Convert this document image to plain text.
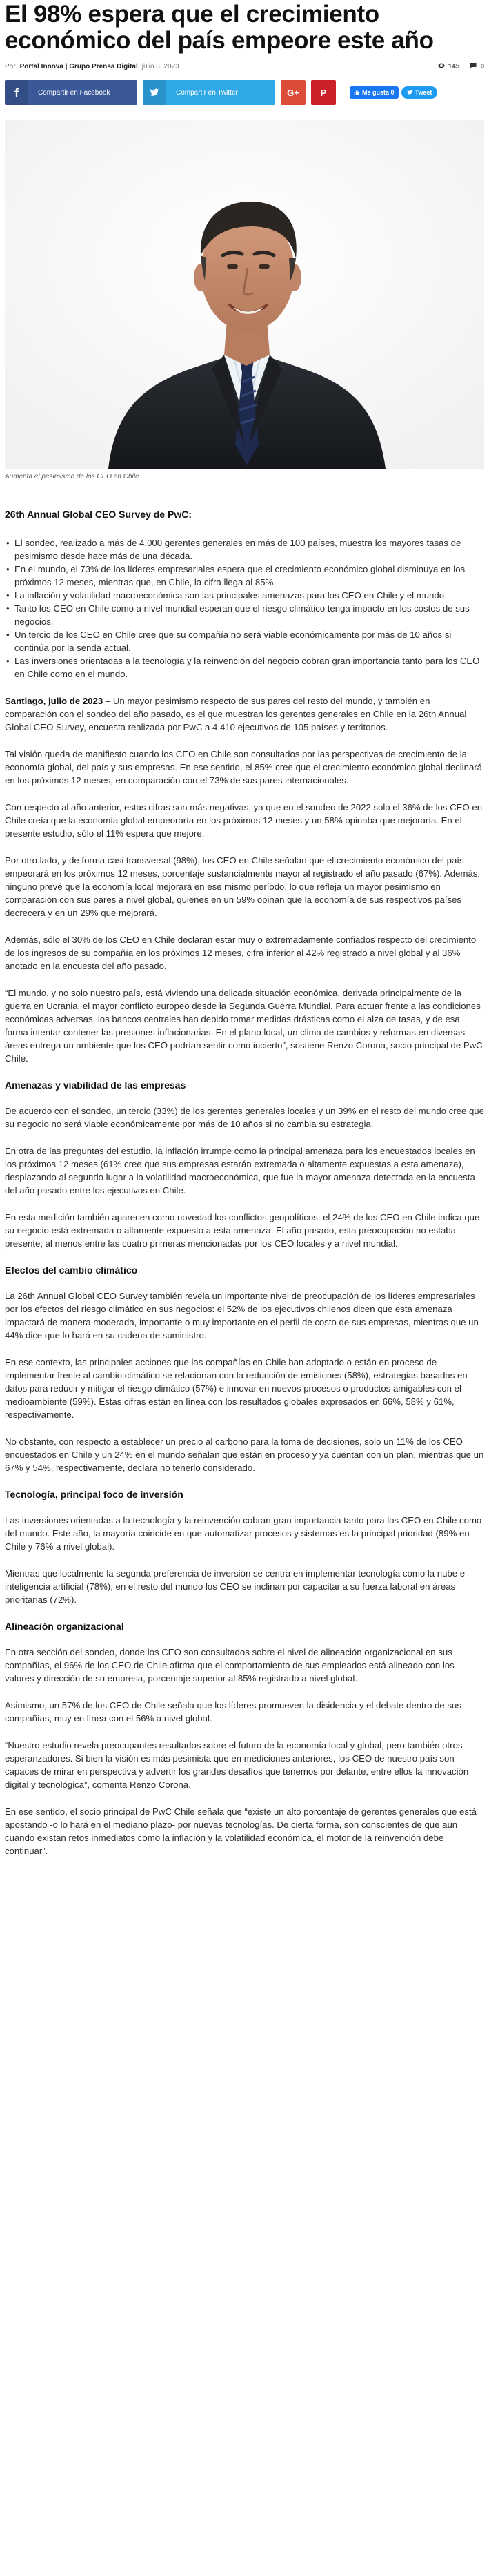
El 98% espera que el crecimiento económico del país empeore este año
Por Portal Innova | Grupo Prensa Digital julio 3, 2023	145	0
Compartir en Facebook	Compartir en Twitter	G+	P	Me gusta 0	Tweet
Aumenta el pesimismo de los CEO en Chile
26th Annual Global CEO Survey de PwC:
• El sondeo, realizado a más de 4.000 gerentes generales en más de 100 países, muestra los mayores tasas de pesimismo desde hace más de una década.
• En el mundo, el 73% de los líderes empresariales espera que el crecimiento económico global disminuya en los próximos 12 meses, mientras que, en Chile, la cifra llega al 85%.
• La inflación y volatilidad macroeconómica son las principales amenazas para los CEO en Chile y el mundo.
• Tanto los CEO en Chile como a nivel mundial esperan que el riesgo climático tenga impacto en los costos de sus negocios.
• Un tercio de los CEO en Chile cree que su compañía no será viable económicamente por más de 10 años si continúa por la senda actual.
• Las inversiones orientadas a la tecnología y la reinvención del negocio cobran gran importancia tanto para los CEO en Chile como en el mundo.

Santiago, julio de 2023 – Un mayor pesimismo respecto de sus pares del resto del mundo, y también en comparación con el sondeo del año pasado, es el que muestran los gerentes generales en Chile en la 26th Annual Global CEO Survey, encuesta realizada por PwC a 4.410 ejecutivos de 105 países y territorios.

Tal visión queda de manifiesto cuando los CEO en Chile son consultados por las perspectivas de crecimiento de la economía global, del país y sus empresas. En ese sentido, el 85% cree que el crecimiento económico global declinará en los próximos 12 meses, en comparación con el 73% de sus pares internacionales.

Con respecto al año anterior, estas cifras son más negativas, ya que en el sondeo de 2022 solo el 36% de los CEO en Chile creía que la economía global empeoraría en los próximos 12 meses y un 58% opinaba que mejoraría. En el presente estudio, sólo el 11% espera que mejore.

Por otro lado, y de forma casi transversal (98%), los CEO en Chile señalan que el crecimiento económico del país empeorará en los próximos 12 meses, porcentaje sustancialmente mayor al registrado el año pasado (67%). Además, ninguno prevé que la economía local mejorará en ese mismo período, lo que refleja un mayor pesimismo en comparación con sus pares a nivel global, quienes en un 59% opinan que la economía de sus respectivos países decrecerá y en un 29% que mejorará.

Además, sólo el 30% de los CEO en Chile declaran estar muy o extremadamente confiados respecto del crecimiento de los ingresos de su compañía en los próximos 12 meses, cifra inferior al 42% registrado a nivel global y al 36% anotado en la encuesta del año pasado.

“El mundo, y no solo nuestro país, está viviendo una delicada situación económica, derivada principalmente de la guerra en Ucrania, el mayor conflicto europeo desde la Segunda Guerra Mundial. Para actuar frente a las condiciones económicas adversas, los bancos centrales han debido tomar medidas drásticas como el alza de tasas, y de esa forma intentar contener las presiones inflacionarias. En el plano local, un clima de cambios y reformas en diversas áreas entrega un ambiente que los CEO podrían sentir como incierto”, sostiene Renzo Corona, socio principal de PwC Chile.

Amenazas y viabilidad de las empresas

De acuerdo con el sondeo, un tercio (33%) de los gerentes generales locales y un 39% en el resto del mundo cree que su negocio no será viable económicamente por más de 10 años si no cambia su estrategia.

En otra de las preguntas del estudio, la inflación irrumpe como la principal amenaza para los encuestados locales en los próximos 12 meses (61% cree que sus empresas estarán extremada o altamente expuestas a esta amenaza), desplazando al segundo lugar a la volatilidad macroeconómica, que fue la mayor amenaza detectada en la encuesta del año pasado entre los ejecutivos en Chile.

En esta medición también aparecen como novedad los conflictos geopolíticos: el 24% de los CEO en Chile indica que su negocio está extremada o altamente expuesto a esta amenaza. El año pasado, esta preocupación no estaba presente, al menos entre las cuatro primeras mencionadas por los CEO locales y a nivel mundial.

Efectos del cambio climático

La 26th Annual Global CEO Survey también revela un importante nivel de preocupación de los líderes empresariales por los efectos del riesgo climático en sus negocios: el 52% de los ejecutivos chilenos dicen que esta amenaza impactará de manera moderada, importante o muy importante en el perfil de costo de sus empresas, mientras que un 44% dice que lo hará en su cadena de suministro.

En ese contexto, las principales acciones que las compañías en Chile han adoptado o están en proceso de implementar frente al cambio climático se relacionan con la reducción de emisiones (58%), estrategias basadas en datos para reducir y mitigar el riesgo climático (57%) e innovar en nuevos procesos o productos amigables con el medioambiente (59%). Estas cifras están en línea con los resultados globales expresados en 66%, 58% y 61%, respectivamente.

No obstante, con respecto a establecer un precio al carbono para la toma de decisiones, solo un 11% de los CEO encuestados en Chile y un 24% en el mundo señalan que están en proceso y ya cuentan con un plan, mientras que un 67% y 54%, respectivamente, declara no tenerlo considerado.

Tecnología, principal foco de inversión

Las inversiones orientadas a la tecnología y la reinvención cobran gran importancia tanto para los CEO en Chile como del mundo. Este año, la mayoría coincide en que automatizar procesos y sistemas es la principal prioridad (89% en Chile y 76% a nivel global).

Mientras que localmente la segunda preferencia de inversión se centra en implementar tecnología como la nube e inteligencia artificial (78%), en el resto del mundo los CEO se inclinan por capacitar a su fuerza laboral en áreas prioritarias (72%).

Alineación organizacional

En otra sección del sondeo, donde los CEO son consultados sobre el nivel de alineación organizacional en sus compañías, el 96% de los CEO de Chile afirma que el comportamiento de sus empleados está alineado con los valores y dirección de su empresa, porcentaje superior al 85% registrado a nivel global.

Asimismo, un 57% de los CEO de Chile señala que los líderes promueven la disidencia y el debate dentro de sus compañías, muy en línea con el 56% a nivel global.

“Nuestro estudio revela preocupantes resultados sobre el futuro de la economía local y global, pero también otros esperanzadores. Si bien la visión es más pesimista que en mediciones anteriores, los CEO de nuestro país son capaces de mirar en perspectiva y advertir los grandes desafíos que tenemos por delante, entre ellos la innovación digital y tecnológica”, comenta Renzo Corona.

En ese sentido, el socio principal de PwC Chile señala que “existe un alto porcentaje de gerentes generales que está apostando -o lo hará en el mediano plazo- por nuevas tecnologías. De cierta forma, son conscientes de que aun cuando existan retos inmediatos como la inflación y la volatilidad económica, el motor de la reinvención debe continuar”.
